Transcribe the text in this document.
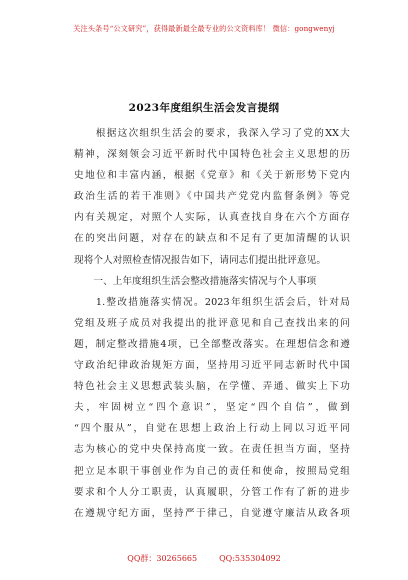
关注头条号“公文研究”，获得最新最全最专业的公文资料库！ 微信：gongwenyj
2023年度组织生活会发言提纲
　　根据这次组织生活会的要求，我深入学习了党的XX大
精神，深刻领会习近平新时代中国特色社会主义思想的历
史地位和丰富内涵，根据《党章》和《关于新形势下党内
政治生活的若干准则》《中国共产党党内监督条例》等党
内有关规定，对照个人实际，认真查找自身在六个方面存
在的突出问题，对存在的缺点和不足有了更加清醒的认识
现将个人对照检查情况报告如下，请同志们提出批评意见。
　　一、上年度组织生活会整改措施落实情况与个人事项
　　1.整改措施落实情况。2023年组织生活会后，针对局
党组及班子成员对我提出的批评意见和自己查找出来的问
题，制定整改措施4项，已全部整改落实。在理想信念和遵
守政治纪律政治规矩方面，坚持用习近平同志新时代中国
特色社会主义思想武装头脑，在学懂、弄通、做实上下功
夫，牢固树立“四个意识”，坚定“四个自信”，做到
“四个服从”，自觉在思想上政治上行动上同以习近平同
志为核心的党中央保持高度一致。在责任担当方面，坚持
把立足本职干事创业作为自己的责任和使命，按照局党组
要求和个人分工职责，认真履职，分管工作有了新的进步
在遵规守纪方面，坚持严于律己，自觉遵守廉洁从政各项
QQ群：30265665	QQ:535304092
